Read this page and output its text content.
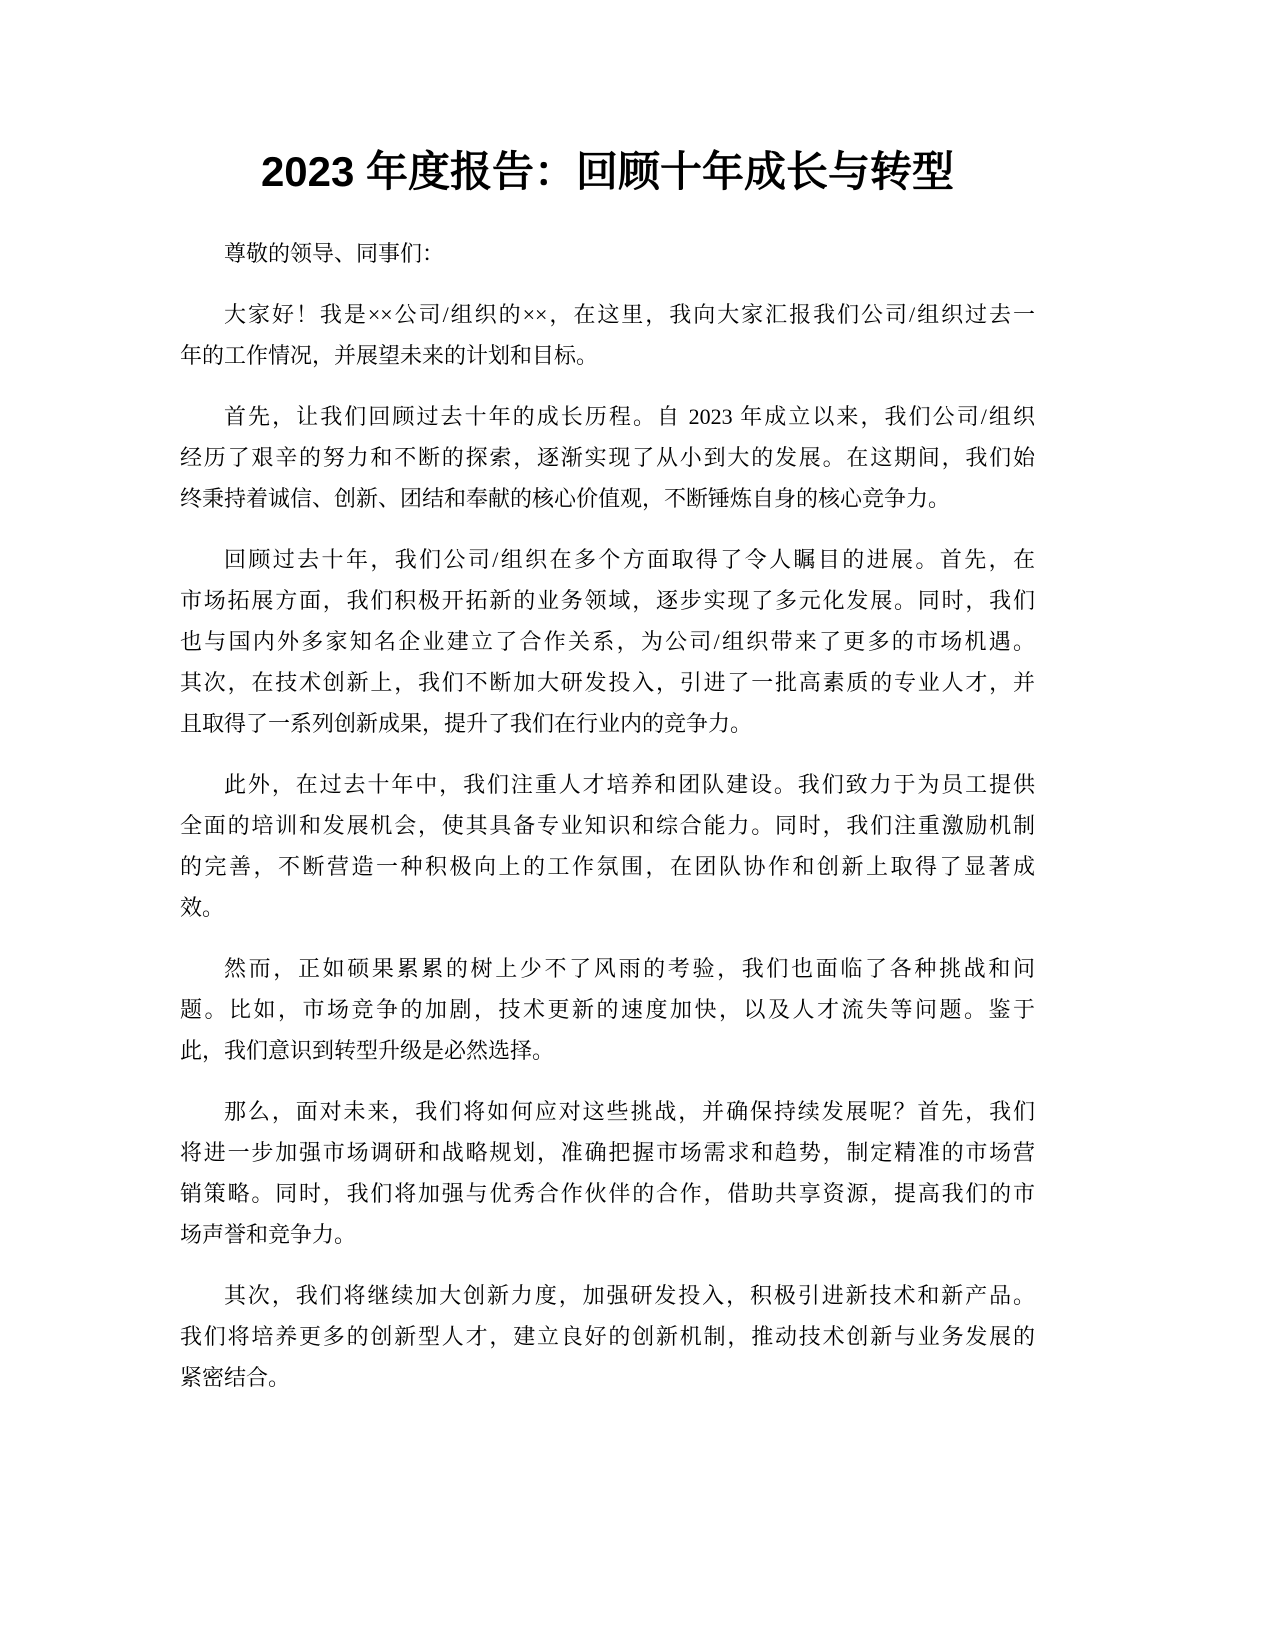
2023 年度报告：回顾十年成长与转型
尊敬的领导、同事们：
大家好！我是××公司/组织的××，在这里，我向大家汇报我们公司/组织过去一
年的工作情况，并展望未来的计划和目标。
首先，让我们回顾过去十年的成长历程。自 2023 年成立以来，我们公司/组织
经历了艰辛的努力和不断的探索，逐渐实现了从小到大的发展。在这期间，我们始
终秉持着诚信、创新、团结和奉献的核心价值观，不断锤炼自身的核心竞争力。
回顾过去十年，我们公司/组织在多个方面取得了令人瞩目的进展。首先，在
市场拓展方面，我们积极开拓新的业务领域，逐步实现了多元化发展。同时，我们
也与国内外多家知名企业建立了合作关系，为公司/组织带来了更多的市场机遇。
其次，在技术创新上，我们不断加大研发投入，引进了一批高素质的专业人才，并
且取得了一系列创新成果，提升了我们在行业内的竞争力。
此外，在过去十年中，我们注重人才培养和团队建设。我们致力于为员工提供
全面的培训和发展机会，使其具备专业知识和综合能力。同时，我们注重激励机制
的完善，不断营造一种积极向上的工作氛围，在团队协作和创新上取得了显著成
效。
然而，正如硕果累累的树上少不了风雨的考验，我们也面临了各种挑战和问
题。比如，市场竞争的加剧，技术更新的速度加快，以及人才流失等问题。鉴于
此，我们意识到转型升级是必然选择。
那么，面对未来，我们将如何应对这些挑战，并确保持续发展呢？首先，我们
将进一步加强市场调研和战略规划，准确把握市场需求和趋势，制定精准的市场营
销策略。同时，我们将加强与优秀合作伙伴的合作，借助共享资源，提高我们的市
场声誉和竞争力。
其次，我们将继续加大创新力度，加强研发投入，积极引进新技术和新产品。
我们将培养更多的创新型人才，建立良好的创新机制，推动技术创新与业务发展的
紧密结合。
